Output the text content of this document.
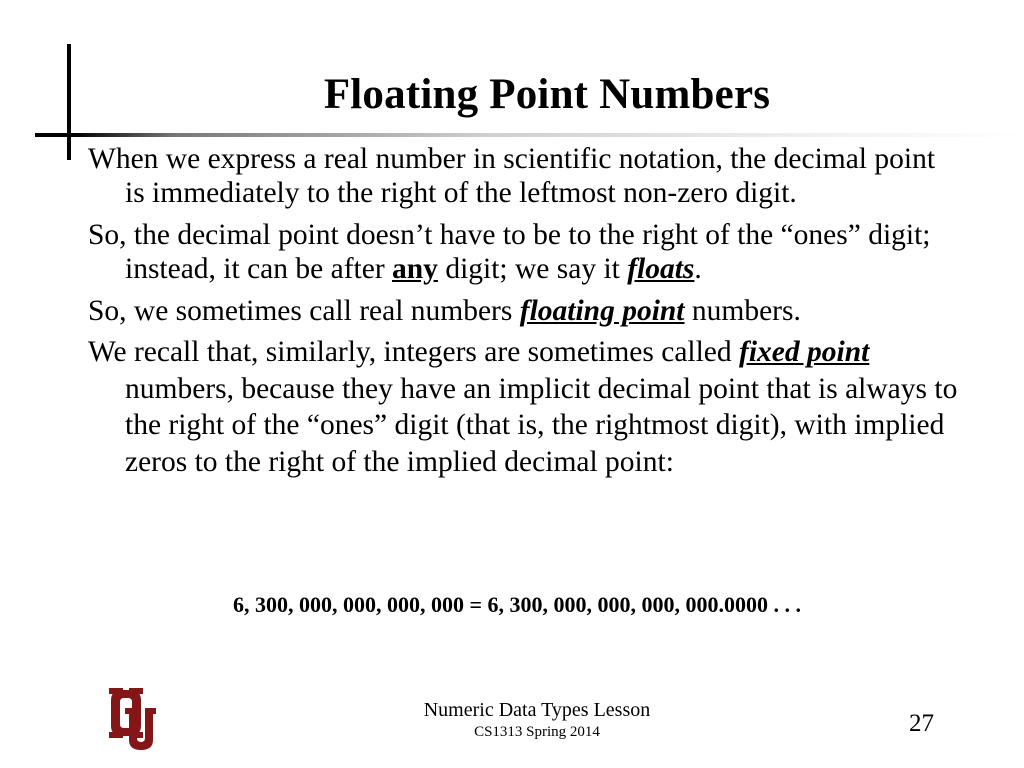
Floating Point Numbers

When we express a real number in scientific notation, the decimal point is immediately to the right of the leftmost non-zero digit.

So, the decimal point doesn’t have to be to the right of the “ones” digit; instead, it can be after any digit; we say it floats.

So, we sometimes call real numbers floating point numbers.

We recall that, similarly, integers are sometimes called fixed point numbers, because they have an implicit decimal point that is always to the right of the “ones” digit (that is, the rightmost digit), with implied zeros to the right of the implied decimal point:

6, 300, 000, 000, 000, 000 = 6, 300, 000, 000, 000, 000.0000 . . .
Numeric Data Types Lesson
CS1313 Spring 2014	27
